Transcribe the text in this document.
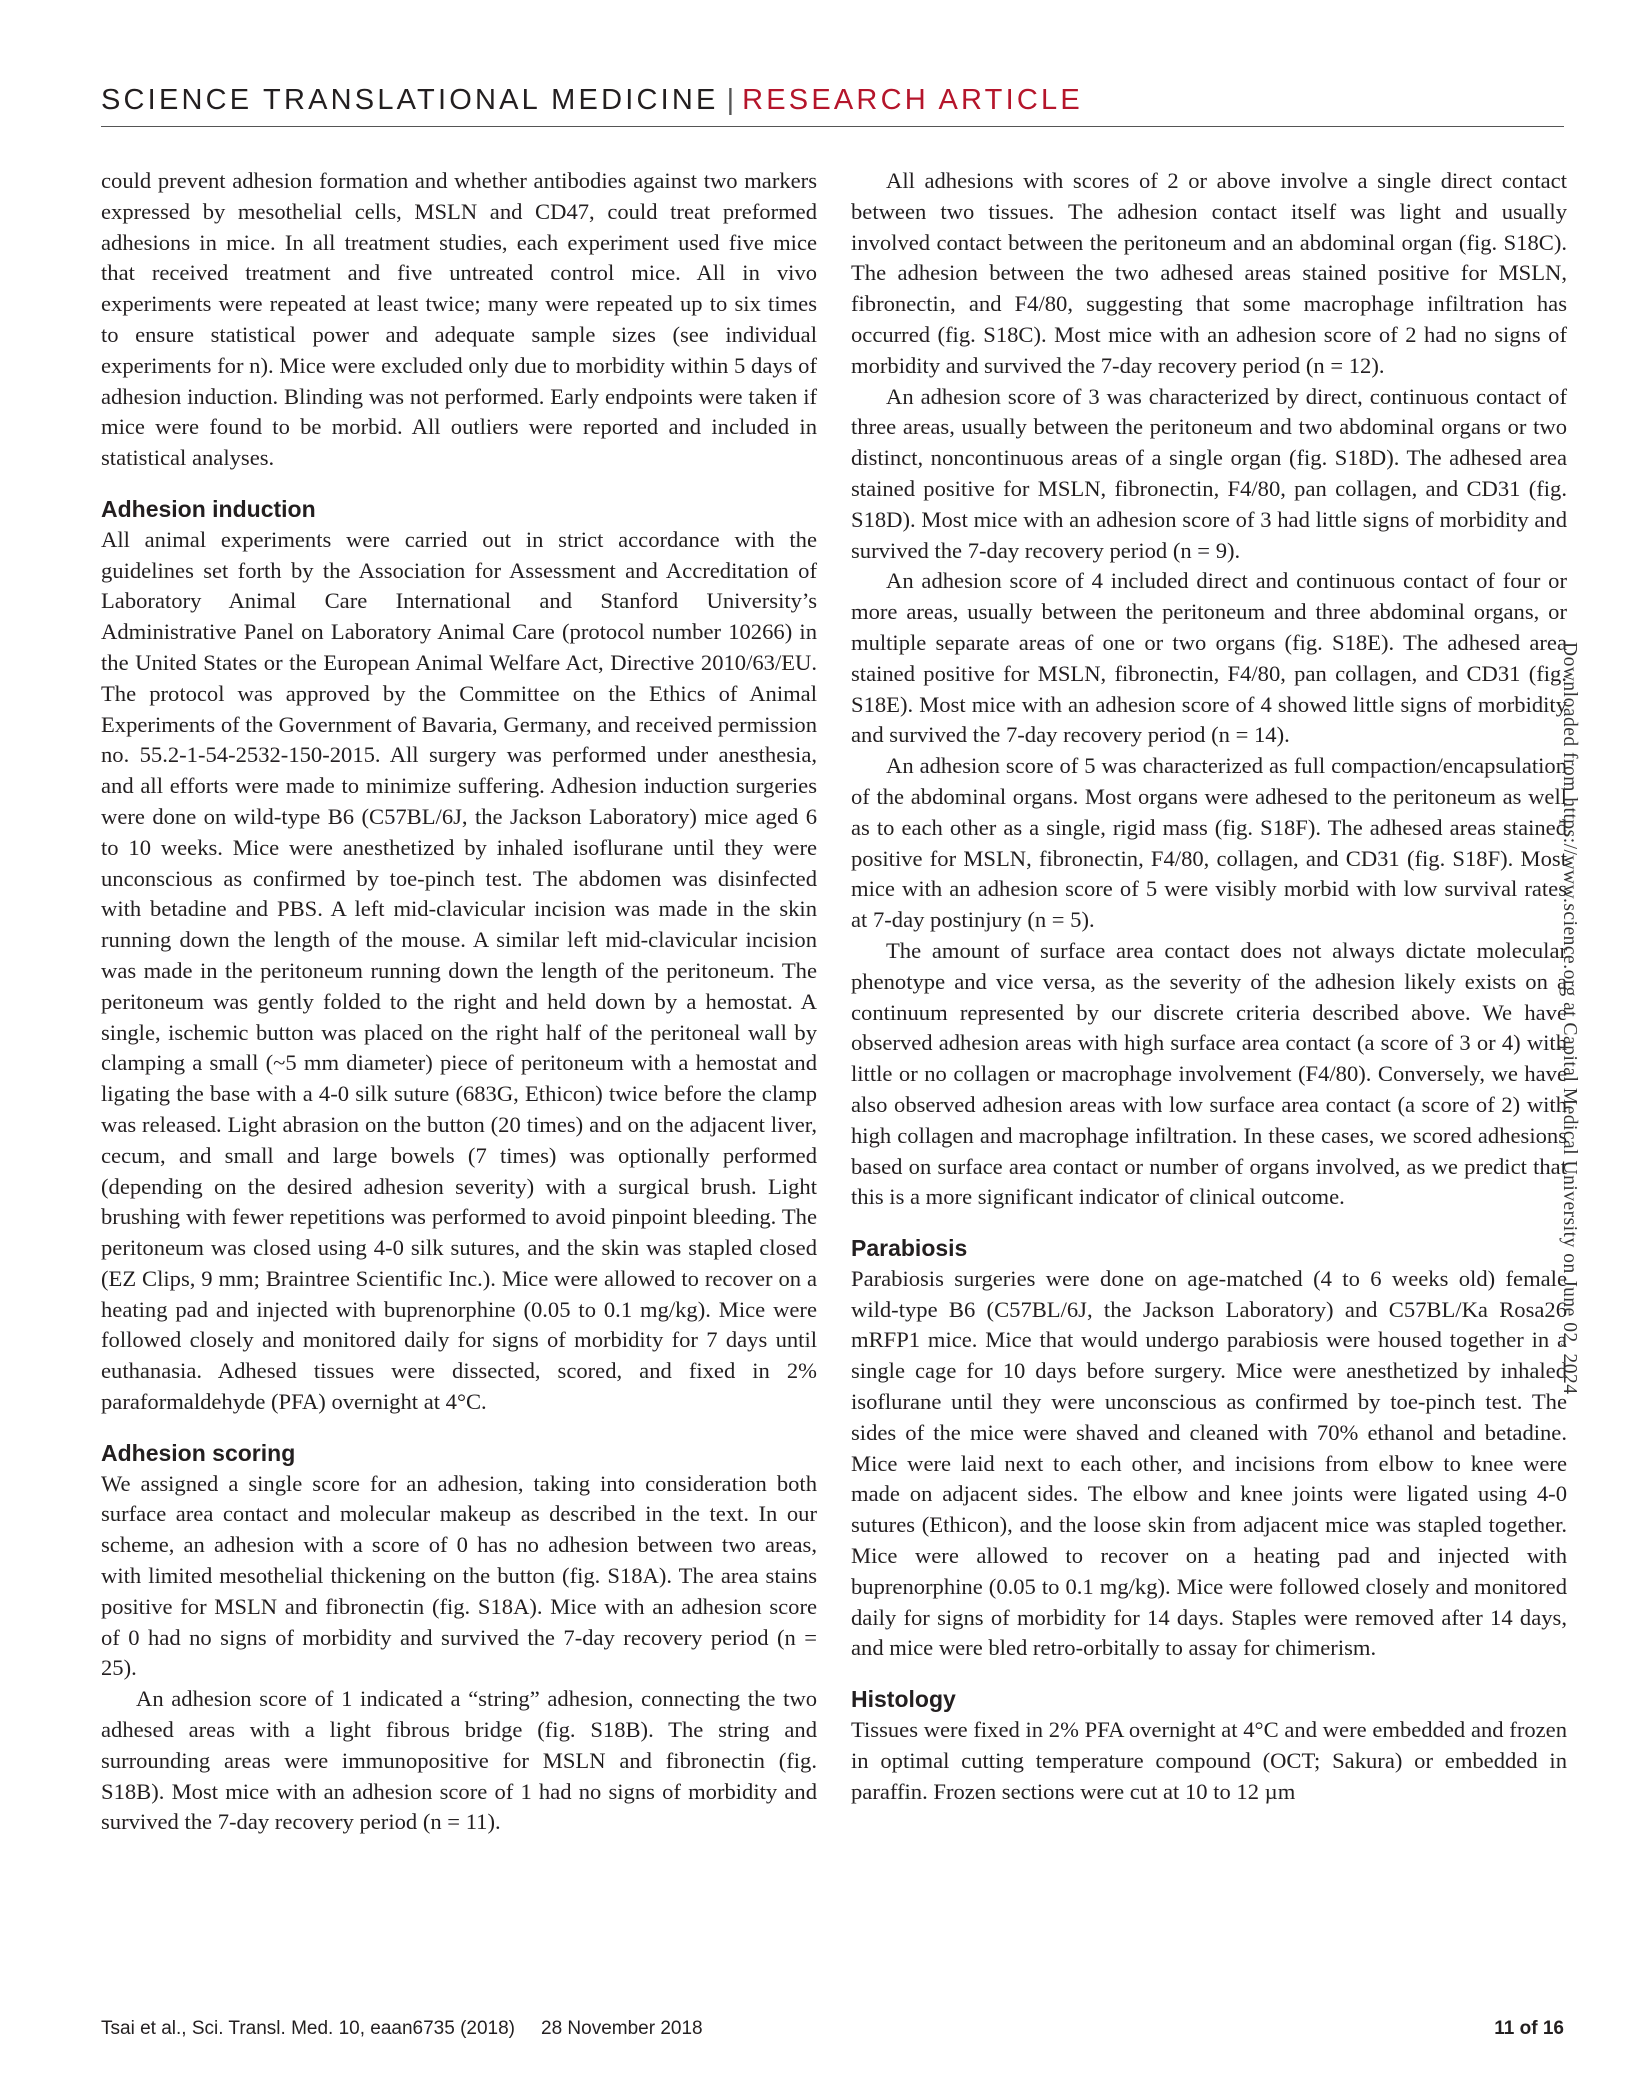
SCIENCE TRANSLATIONAL MEDICINE | RESEARCH ARTICLE

could prevent adhesion formation and whether antibodies against two markers expressed by mesothelial cells, MSLN and CD47, could treat preformed adhesions in mice. In all treatment studies, each experiment used five mice that received treatment and five untreated control mice. All in vivo experiments were repeated at least twice; many were repeated up to six times to ensure statistical power and adequate sample sizes (see individual experiments for n). Mice were excluded only due to morbidity within 5 days of adhesion induction. Blinding was not performed. Early endpoints were taken if mice were found to be morbid. All outliers were reported and included in statistical analyses.

Adhesion induction

All animal experiments were carried out in strict accordance with the guidelines set forth by the Association for Assessment and Accreditation of Laboratory Animal Care International and Stanford University’s Administrative Panel on Laboratory Animal Care (protocol number 10266) in the United States or the European Animal Welfare Act, Directive 2010/63/EU. The protocol was approved by the Committee on the Ethics of Animal Experiments of the Government of Bavaria, Germany, and received permission no. 55.2-1-54-2532-150-2015. All surgery was performed under anesthesia, and all efforts were made to minimize suffering. Adhesion induction surgeries were done on wild-type B6 (C57BL/6J, the Jackson Laboratory) mice aged 6 to 10 weeks. Mice were anesthetized by inhaled isoflurane until they were unconscious as confirmed by toe-pinch test. The abdomen was disinfected with betadine and PBS. A left mid-clavicular incision was made in the skin running down the length of the mouse. A similar left mid-clavicular incision was made in the peritoneum running down the length of the peritoneum. The peritoneum was gently folded to the right and held down by a hemostat. A single, ischemic button was placed on the right half of the peritoneal wall by clamping a small (~5 mm diameter) piece of peritoneum with a hemostat and ligating the base with a 4-0 silk suture (683G, Ethicon) twice before the clamp was released. Light abrasion on the button (20 times) and on the adjacent liver, cecum, and small and large bowels (7 times) was optionally performed (depending on the desired adhesion severity) with a surgical brush. Light brushing with fewer repetitions was performed to avoid pinpoint bleeding. The peritoneum was closed using 4-0 silk sutures, and the skin was stapled closed (EZ Clips, 9 mm; Braintree Scientific Inc.). Mice were allowed to recover on a heating pad and injected with buprenorphine (0.05 to 0.1 mg/kg). Mice were followed closely and monitored daily for signs of morbidity for 7 days until euthanasia. Adhesed tissues were dissected, scored, and fixed in 2% paraformaldehyde (PFA) overnight at 4°C.

Adhesion scoring

We assigned a single score for an adhesion, taking into consideration both surface area contact and molecular makeup as described in the text. In our scheme, an adhesion with a score of 0 has no adhesion between two areas, with limited mesothelial thickening on the button (fig. S18A). The area stains positive for MSLN and fibronectin (fig. S18A). Mice with an adhesion score of 0 had no signs of morbidity and survived the 7-day recovery period (n = 25).

An adhesion score of 1 indicated a “string” adhesion, connecting the two adhesed areas with a light fibrous bridge (fig. S18B). The string and surrounding areas were immunopositive for MSLN and fibronectin (fig. S18B). Most mice with an adhesion score of 1 had no signs of morbidity and survived the 7-day recovery period (n = 11).

All adhesions with scores of 2 or above involve a single direct contact between two tissues. The adhesion contact itself was light and usually involved contact between the peritoneum and an abdominal organ (fig. S18C). The adhesion between the two adhesed areas stained positive for MSLN, fibronectin, and F4/80, suggesting that some macrophage infiltration has occurred (fig. S18C). Most mice with an adhesion score of 2 had no signs of morbidity and survived the 7-day recovery period (n = 12).

An adhesion score of 3 was characterized by direct, continuous contact of three areas, usually between the peritoneum and two abdominal organs or two distinct, noncontinuous areas of a single organ (fig. S18D). The adhesed area stained positive for MSLN, fibronectin, F4/80, pan collagen, and CD31 (fig. S18D). Most mice with an adhesion score of 3 had little signs of morbidity and survived the 7-day recovery period (n = 9).

An adhesion score of 4 included direct and continuous contact of four or more areas, usually between the peritoneum and three abdominal organs, or multiple separate areas of one or two organs (fig. S18E). The adhesed area stained positive for MSLN, fibronectin, F4/80, pan collagen, and CD31 (fig. S18E). Most mice with an adhesion score of 4 showed little signs of morbidity and survived the 7-day recovery period (n = 14).

An adhesion score of 5 was characterized as full compaction/encapsulation of the abdominal organs. Most organs were adhesed to the peritoneum as well as to each other as a single, rigid mass (fig. S18F). The adhesed areas stained positive for MSLN, fibronectin, F4/80, collagen, and CD31 (fig. S18F). Most mice with an adhesion score of 5 were visibly morbid with low survival rates at 7-day postinjury (n = 5).

The amount of surface area contact does not always dictate molecular phenotype and vice versa, as the severity of the adhesion likely exists on a continuum represented by our discrete criteria described above. We have observed adhesion areas with high surface area contact (a score of 3 or 4) with little or no collagen or macrophage involvement (F4/80). Conversely, we have also observed adhesion areas with low surface area contact (a score of 2) with high collagen and macrophage infiltration. In these cases, we scored adhesions based on surface area contact or number of organs involved, as we predict that this is a more significant indicator of clinical outcome.

Parabiosis

Parabiosis surgeries were done on age-matched (4 to 6 weeks old) female wild-type B6 (C57BL/6J, the Jackson Laboratory) and C57BL/Ka Rosa26 mRFP1 mice. Mice that would undergo parabiosis were housed together in a single cage for 10 days before surgery. Mice were anesthetized by inhaled isoflurane until they were unconscious as confirmed by toe-pinch test. The sides of the mice were shaved and cleaned with 70% ethanol and betadine. Mice were laid next to each other, and incisions from elbow to knee were made on adjacent sides. The elbow and knee joints were ligated using 4-0 sutures (Ethicon), and the loose skin from adjacent mice was stapled together. Mice were allowed to recover on a heating pad and injected with buprenorphine (0.05 to 0.1 mg/kg). Mice were followed closely and monitored daily for signs of morbidity for 14 days. Staples were removed after 14 days, and mice were bled retro-orbitally to assay for chimerism.

Histology

Tissues were fixed in 2% PFA overnight at 4°C and were embedded and frozen in optimal cutting temperature compound (OCT; Sakura) or embedded in paraffin. Frozen sections were cut at 10 to 12 µm

Downloaded from https://www.science.org at Capital Medical University on June 02, 2024
Tsai et al., Sci. Transl. Med. 10, eaan6735 (2018) 28 November 2018	11 of 16
